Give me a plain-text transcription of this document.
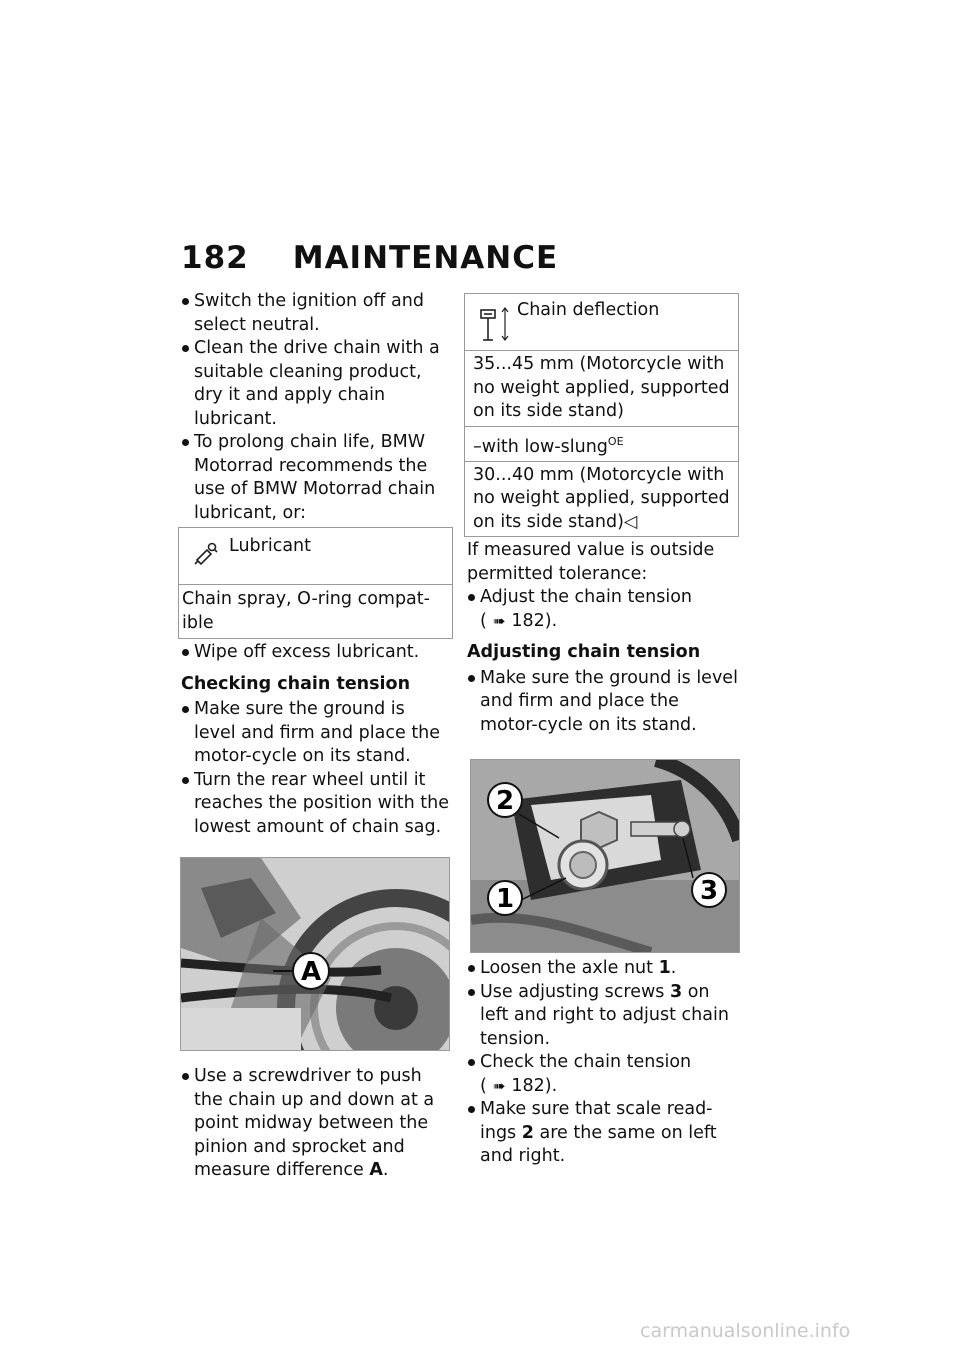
182 MAINTENANCE
Switch the ignition off and select neutral.
Clean the drive chain with a suitable cleaning product, dry it and apply chain lubricant.
To prolong chain life, BMW Motorrad recommends the use of BMW Motorrad chain lubricant, or:
Lubricant
Chain spray, O-ring compat-ible
Wipe off excess lubricant.
Checking chain tension
Make sure the ground is level and firm and place the motor-cycle on its stand.
Turn the rear wheel until it reaches the position with the lowest amount of chain sag.
A
Use a screwdriver to push the chain up and down at a point midway between the pinion and sprocket and measure difference A.
Chain deflection
35...45 mm (Motorcycle with no weight applied, supported on its side stand)
–with low-slung$^{OE}$
30...40 mm (Motorcycle with no weight applied, supported on its side stand)◁
If measured value is outside permitted tolerance:
Adjust the chain tension
( ➠ 182).
Adjusting chain tension
Make sure the ground is level and firm and place the motor-cycle on its stand.
2
1	3
Loosen the axle nut 1.
Use adjusting screws 3 on left and right to adjust chain tension.
Check the chain tension
( ➠ 182).
Make sure that scale read-ings 2 are the same on left and right.
carmanualsonline.info
